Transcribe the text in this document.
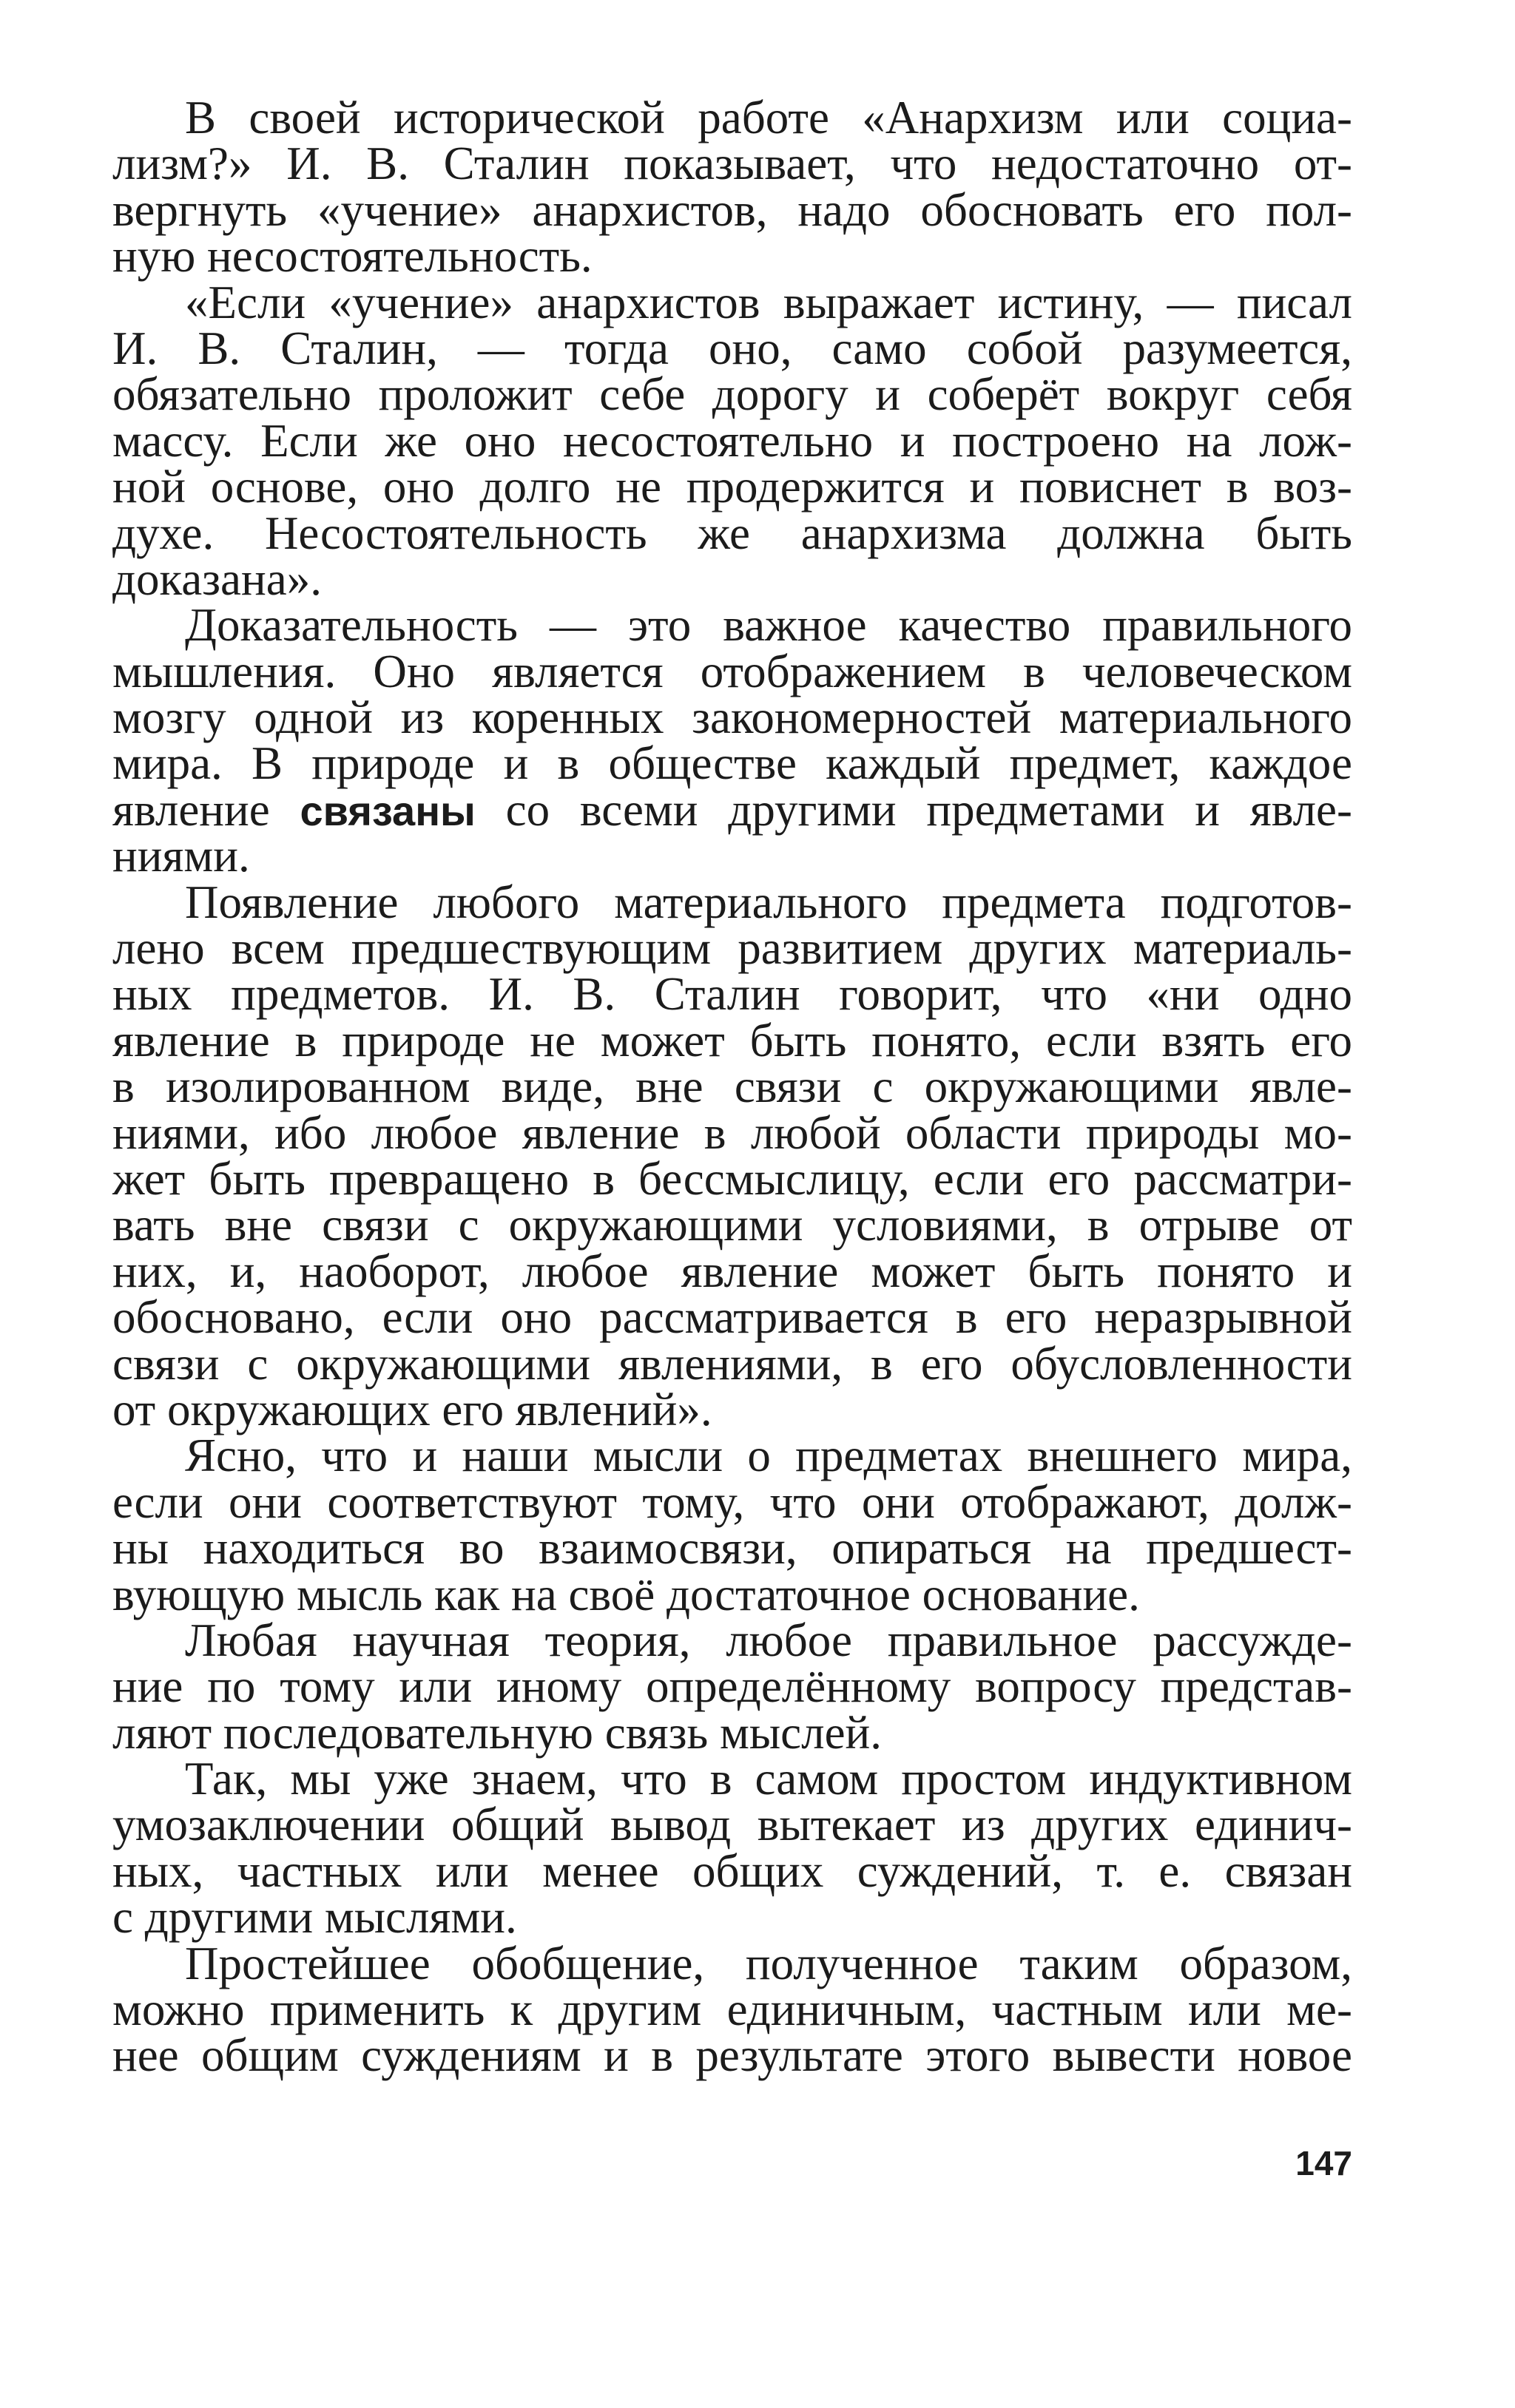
В своей исторической работе «Анархизм или социа-
лизм?» И. В. Сталин показывает, что недостаточно от-
вергнуть «учение» анархистов, надо обосновать его пол-
ную несостоятельность.
«Если «учение» анархистов выражает истину, — писал
И. В. Сталин, — тогда оно, само собой разумеется,
обязательно проложит себе дорогу и соберёт вокруг себя
массу. Если же оно несостоятельно и построено на лож-
ной основе, оно долго не продержится и повиснет в воз-
духе. Несостоятельность же анархизма должна быть
доказана».
Доказательность — это важное качество правильного
мышления. Оно является отображением в человеческом
мозгу одной из коренных закономерностей материального
мира. В природе и в обществе каждый предмет, каждое
явление связаны со всеми другими предметами и явле-
ниями.
Появление любого материального предмета подготов-
лено всем предшествующим развитием других материаль-
ных предметов. И. В. Сталин говорит, что «ни одно
явление в природе не может быть понято, если взять его
в изолированном виде, вне связи с окружающими явле-
ниями, ибо любое явление в любой области природы мо-
жет быть превращено в бессмыслицу, если его рассматри-
вать вне связи с окружающими условиями, в отрыве от
них, и, наоборот, любое явление может быть понято и
обосновано, если оно рассматривается в его неразрывной
связи с окружающими явлениями, в его обусловленности
от окружающих его явлений».
Ясно, что и наши мысли о предметах внешнего мира,
если они соответствуют тому, что они отображают, долж-
ны находиться во взаимосвязи, опираться на предшест-
вующую мысль как на своё достаточное основание.
Любая научная теория, любое правильное рассужде-
ние по тому или иному определённому вопросу представ-
ляют последовательную связь мыслей.
Так, мы уже знаем, что в самом простом индуктивном
умозаключении общий вывод вытекает из других единич-
ных, частных или менее общих суждений, т. е. связан
с другими мыслями.
Простейшее обобщение, полученное таким образом,
можно применить к другим единичным, частным или ме-
нее общим суждениям и в результате этого вывести новое
147
